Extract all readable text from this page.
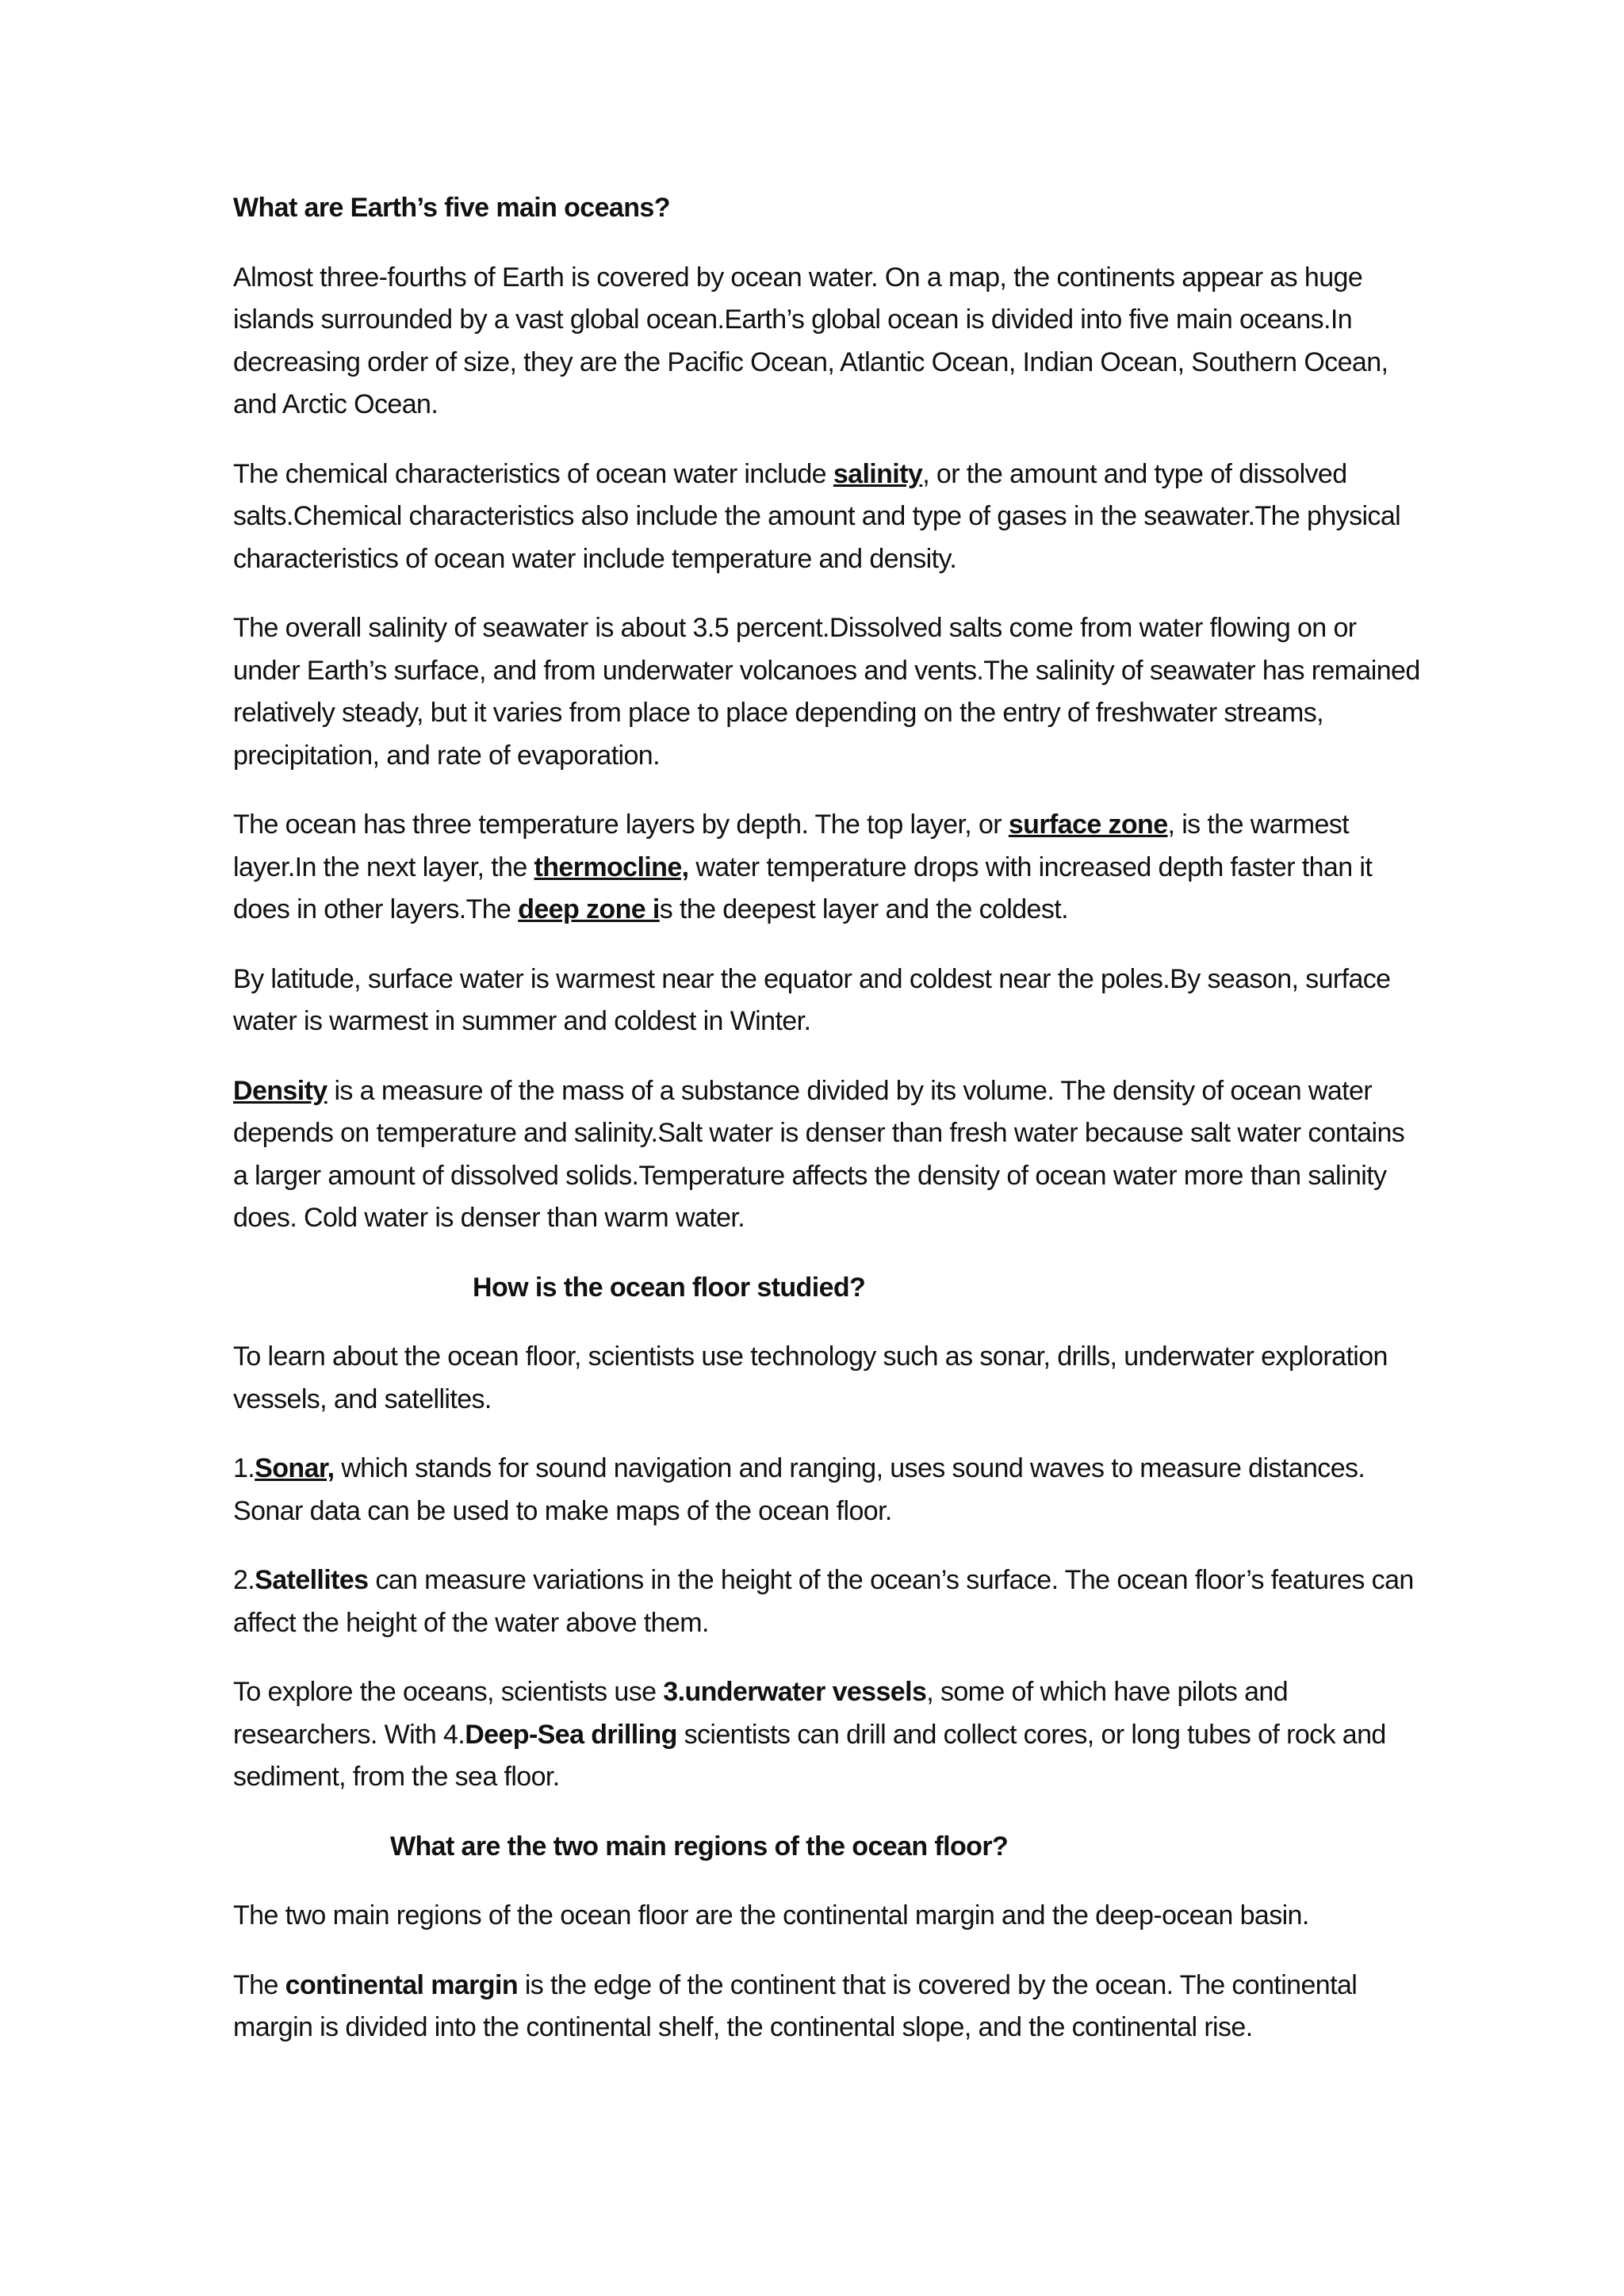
What are Earth’s five main oceans?

Almost three-fourths of Earth is covered by ocean water. On a map, the continents appear as huge islands surrounded by a vast global ocean.Earth’s global ocean is divided into five main oceans.In decreasing order of size, they are the Pacific Ocean, Atlantic Ocean, Indian Ocean, Southern Ocean, and Arctic Ocean.

The chemical characteristics of ocean water include salinity, or the amount and type of dissolved salts.Chemical characteristics also include the amount and type of gases in the seawater.The physical characteristics of ocean water include temperature and density.

The overall salinity of seawater is about 3.5 percent.Dissolved salts come from water flowing on or under Earth’s surface, and from underwater volcanoes and vents.The salinity of seawater has remained relatively steady, but it varies from place to place depending on the entry of freshwater streams, precipitation, and rate of evaporation.

The ocean has three temperature layers by depth. The top layer, or surface zone, is the warmest layer.In the next layer, the thermocline, water temperature drops with increased depth faster than it does in other layers.The deep zone is the deepest layer and the coldest.

By latitude, surface water is warmest near the equator and coldest near the poles.By season, surface water is warmest in summer and coldest in Winter.

Density is a measure of the mass of a substance divided by its volume. The density of ocean water depends on temperature and salinity.Salt water is denser than fresh water because salt water contains a larger amount of dissolved solids.Temperature affects the density of ocean water more than salinity does. Cold water is denser than warm water.

How is the ocean floor studied?

To learn about the ocean floor, scientists use technology such as sonar, drills, underwater exploration vessels, and satellites.

1.Sonar, which stands for sound navigation and ranging, uses sound waves to measure distances. Sonar data can be used to make maps of the ocean floor.

2.Satellites can measure variations in the height of the ocean’s surface. The ocean floor’s features can affect the height of the water above them.

To explore the oceans, scientists use 3.underwater vessels, some of which have pilots and researchers. With 4.Deep-Sea drilling scientists can drill and collect cores, or long tubes of rock and sediment, from the sea floor.

What are the two main regions of the ocean floor?

The two main regions of the ocean floor are the continental margin and the deep-ocean basin.

The continental margin is the edge of the continent that is covered by the ocean. The continental margin is divided into the continental shelf, the continental slope, and the continental rise.
